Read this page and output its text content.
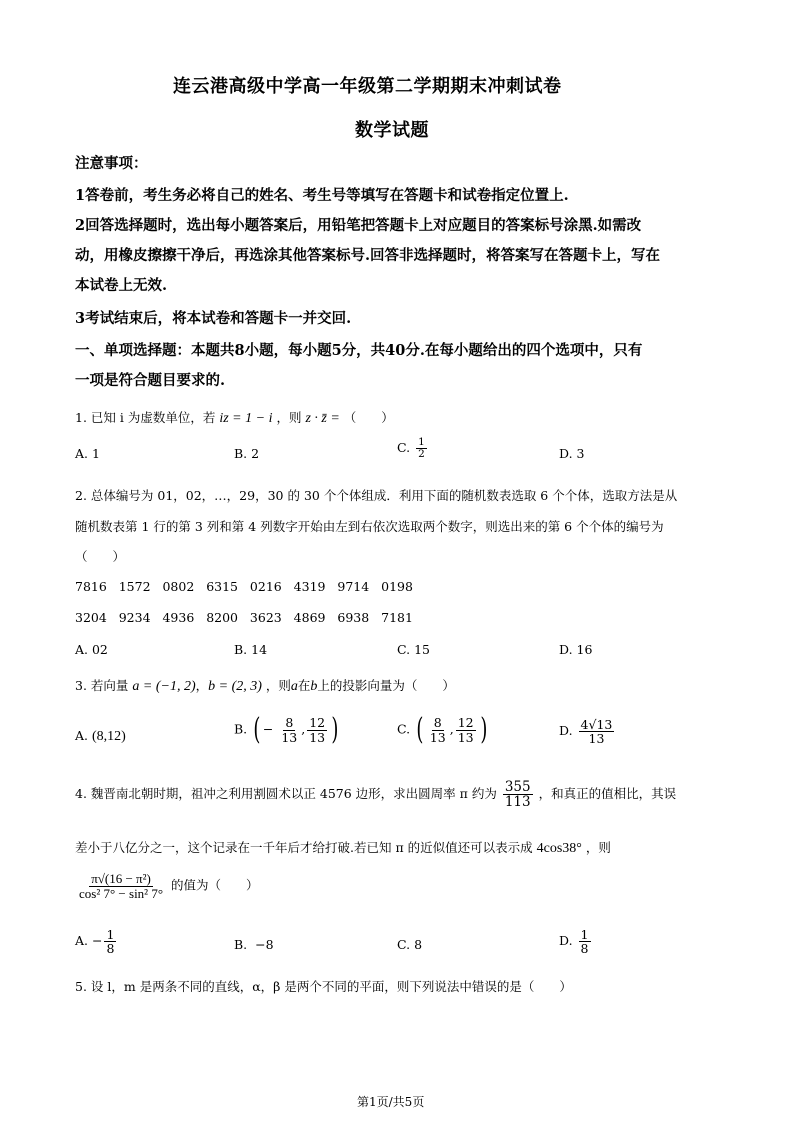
连云港高级中学高一年级第二学期期末冲刺试卷
数学试题
注意事项：
1答卷前，考生务必将自己的姓名、考生号等填写在答题卡和试卷指定位置上.
2回答选择题时，选出每小题答案后，用铅笔把答题卡上对应题目的答案标号涂黑.如需改
动，用橡皮擦擦干净后，再选涂其他答案标号.回答非选择题时，将答案写在答题卡上，写在
本试卷上无效.
3考试结束后，将本试卷和答题卡一并交回.
一、单项选择题：本题共8小题，每小题5分，共40分.在每小题给出的四个选项中，只有
一项是符合题目要求的.
1. 已知 i 为虚数单位，若 iz = 1 − i ，则 z · z̄ = （　　）
A. 1	B. 2	C. $\frac{1}{2}$	D. 3
2. 总体编号为 01，02，…，29，30 的 30 个个体组成．利用下面的随机数表选取 6 个个体，选取方法是从
随机数表第 1 行的第 3 列和第 4 列数字开始由左到右依次选取两个数字，则选出来的第 6 个个体的编号为
（　　）
7816   1572   0802   6315   0216   4319   9714   0198
3204   9234   4936   8200   3623   4869   6938   7181
A. 02	B. 14	C. 15	D. 16
3. 若向量 a = (−1, 2)，b = (2, 3) ，则a在b上的投影向量为（　　）
A. (8,12)	B. ( − $\frac{8}{13}$ , $\frac{12}{13}$ )	C. ( $\frac{8}{13}$ , $\frac{12}{13}$ )	D. $\frac{4√13}{13}$
4. 魏晋南北朝时期，祖冲之利用割圆术以正 4576 边形，求出圆周率 π 约为 $\frac{355}{113}$ ，和真正的值相比，其误
差小于八亿分之一，这个记录在一千年后才给打破.若已知 π 的近似值还可以表示成 4cos38° ，则
$\frac{\text{π√(16 − π²)}}{\text{cos² 7° − sin² 7°}}$ 的值为（　　）
A. − $\frac{1}{8}$	B.  −8	C. 8	D. $\frac{1}{8}$
5. 设 l，m 是两条不同的直线，α，β 是两个不同的平面，则下列说法中错误的是（　　）
第1页/共5页
